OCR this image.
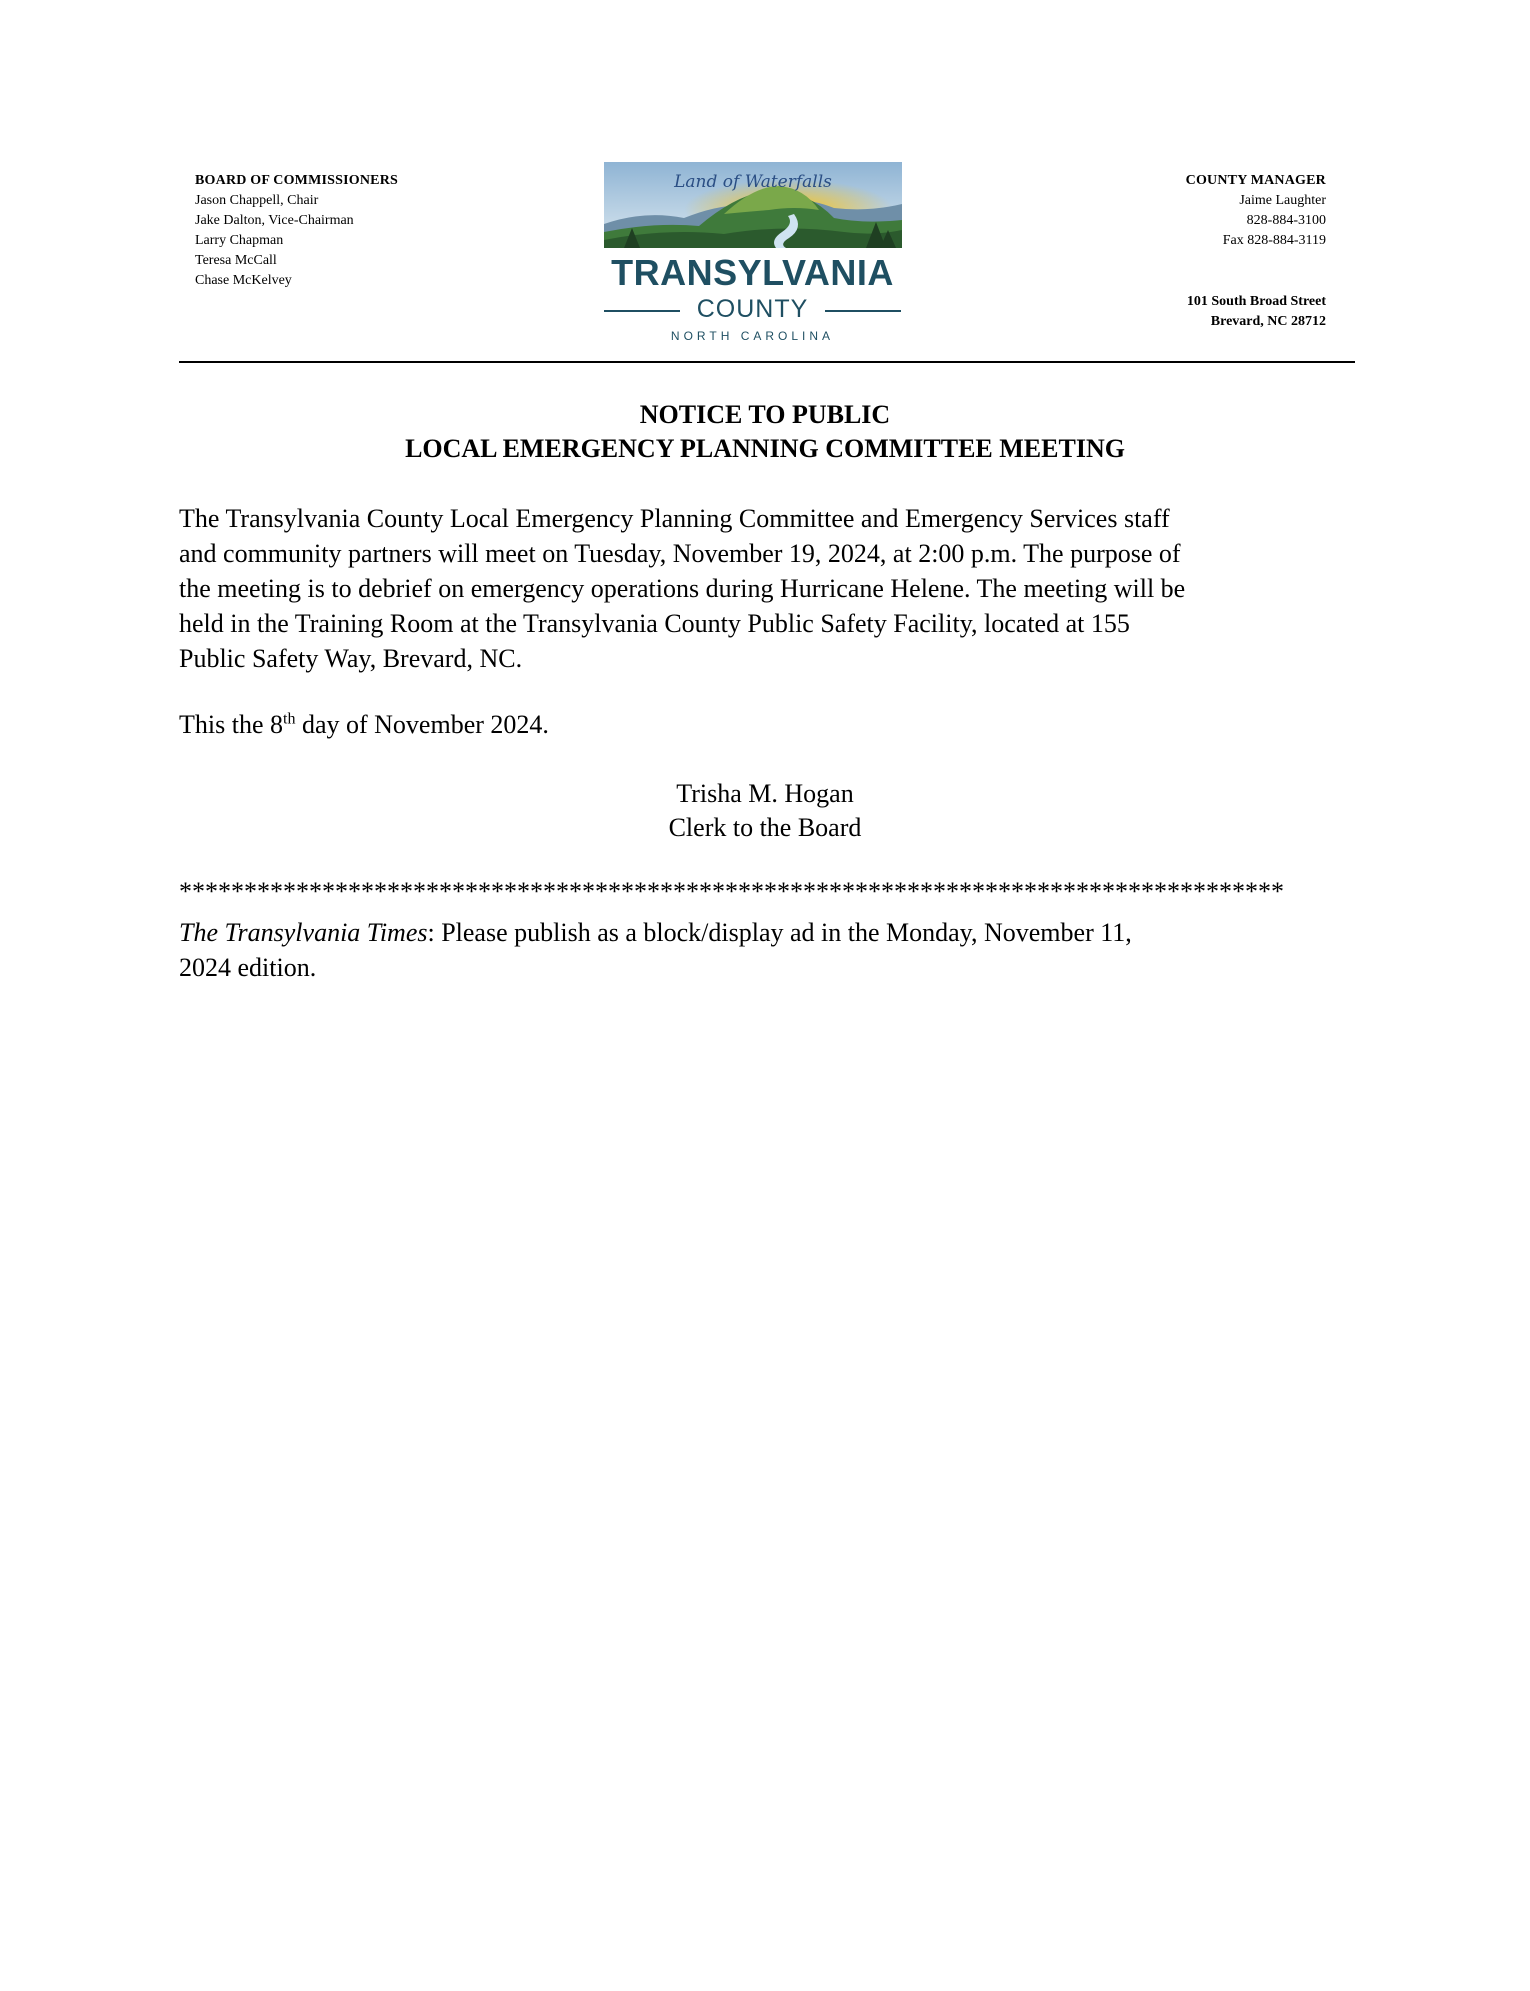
BOARD OF COMMISSIONERS
Jason Chappell, Chair
Jake Dalton, Vice-Chairman
Larry Chapman
Teresa McCall
Chase McKelvey
Land of Waterfalls
TRANSYLVANIA
COUNTY
NORTH CAROLINA
COUNTY MANAGER
Jaime Laughter
828-884-3100
Fax 828-884-3119
101 South Broad Street
Brevard, NC 28712
NOTICE TO PUBLIC
LOCAL EMERGENCY PLANNING COMMITTEE MEETING
The Transylvania County Local Emergency Planning Committee and Emergency Services staff
and community partners will meet on Tuesday, November 19, 2024, at 2:00 p.m. The purpose of
the meeting is to debrief on emergency operations during Hurricane Helene. The meeting will be
held in the Training Room at the Transylvania County Public Safety Facility, located at 155
Public Safety Way, Brevard, NC.
This the 8th day of November 2024.
Trisha M. Hogan
Clerk to the Board
*************************************************************************************
The Transylvania Times: Please publish as a block/display ad in the Monday, November 11,
2024 edition.
